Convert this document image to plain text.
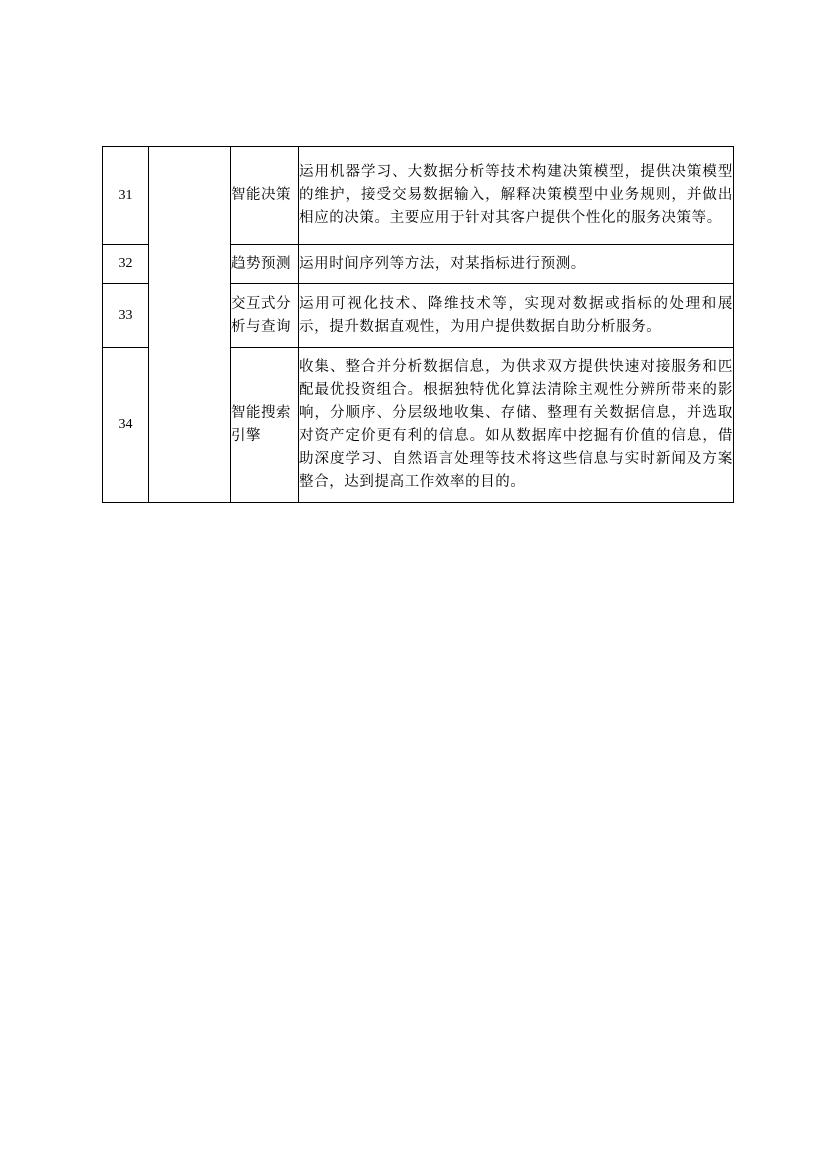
31		智能决策	运用机器学习、大数据分析等技术构建决策模型，提供决策模型的维护，接受交易数据输入，解释决策模型中业务规则，并做出相应的决策。主要应用于针对其客户提供个性化的服务决策等。
32		趋势预测	运用时间序列等方法，对某指标进行预测。
33		交互式分析与查询	运用可视化技术、降维技术等，实现对数据或指标的处理和展示，提升数据直观性，为用户提供数据自助分析服务。
34		智能搜索引擎	收集、整合并分析数据信息，为供求双方提供快速对接服务和匹配最优投资组合。根据独特优化算法清除主观性分辨所带来的影响，分顺序、分层级地收集、存储、整理有关数据信息，并选取对资产定价更有利的信息。如从数据库中挖掘有价值的信息，借助深度学习、自然语言处理等技术将这些信息与实时新闻及方案整合，达到提高工作效率的目的。
